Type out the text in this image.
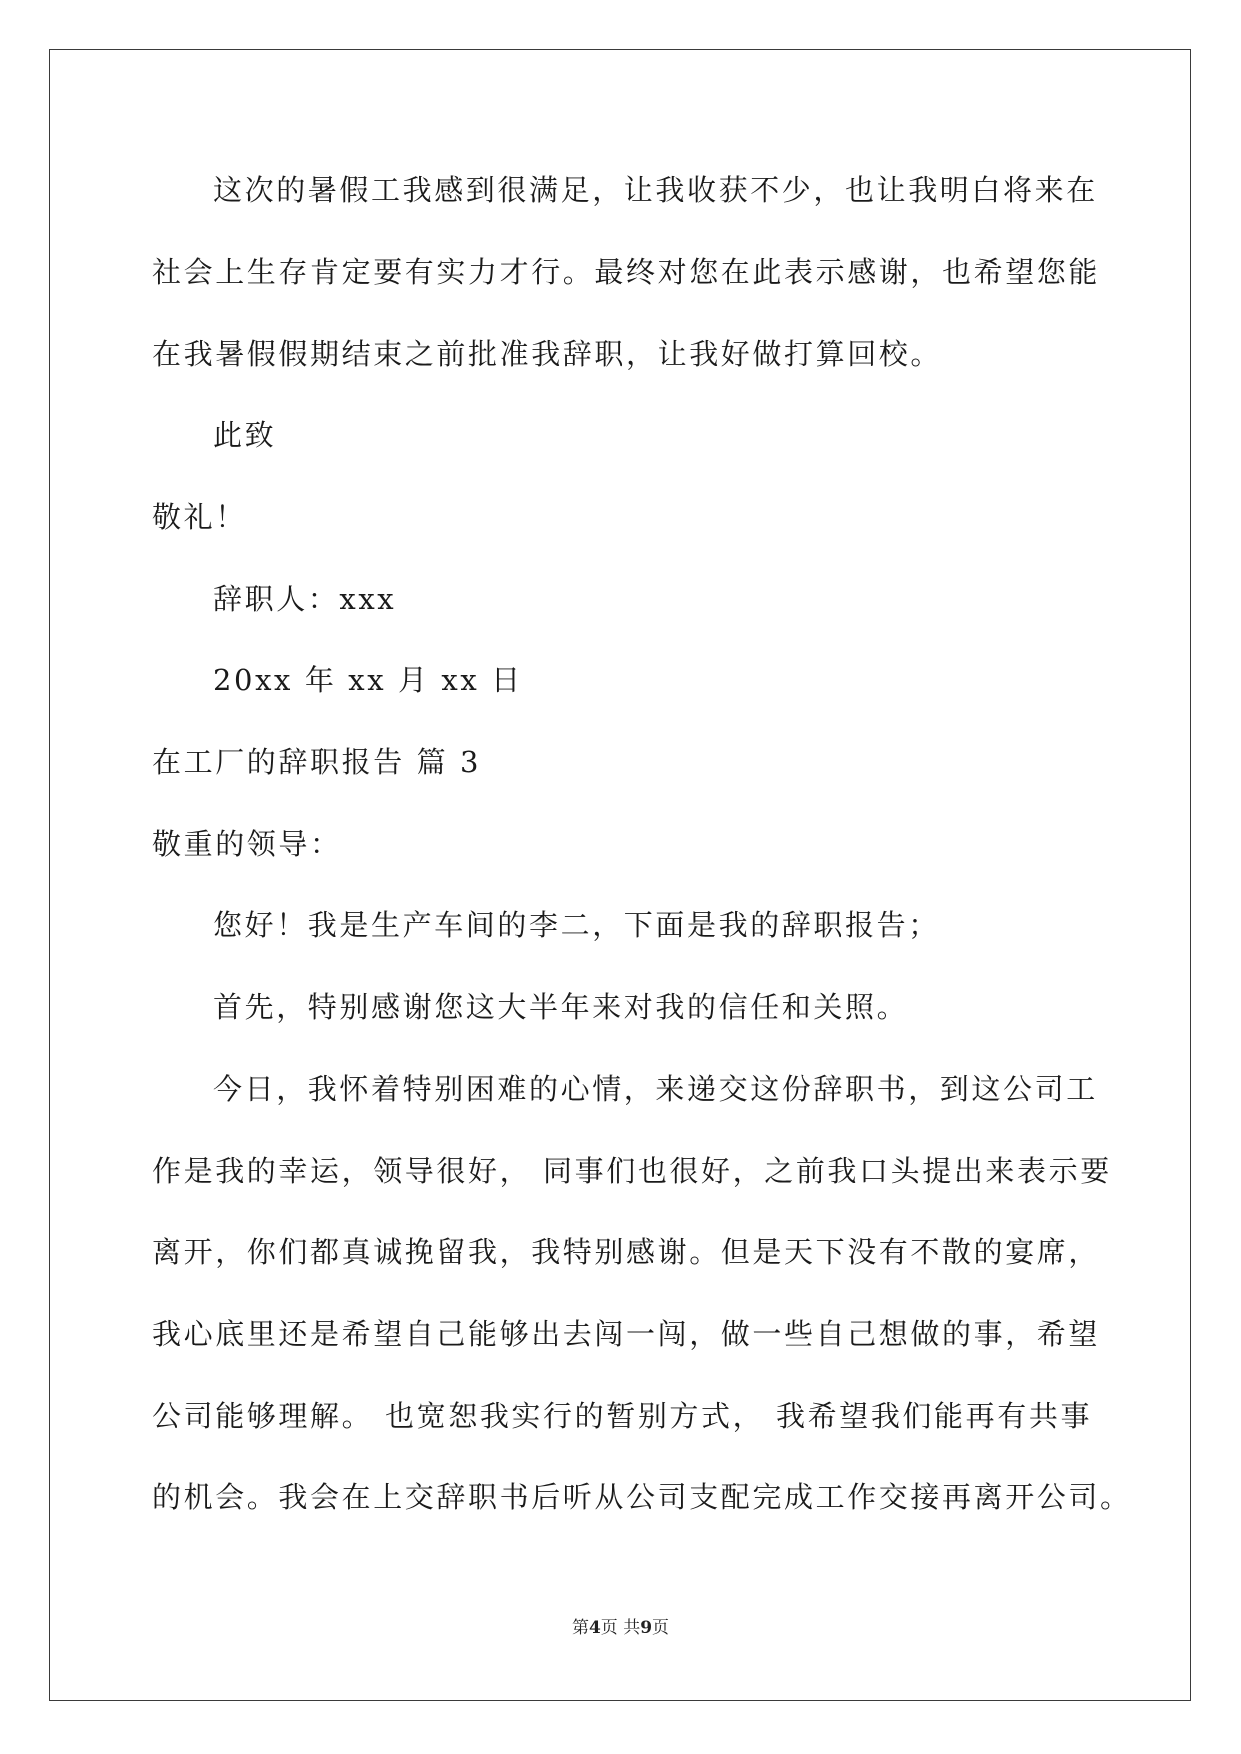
这次的暑假工我感到很满足，让我收获不少，也让我明白将来在
社会上生存肯定要有实力才行。最终对您在此表示感谢，也希望您能
在我暑假假期结束之前批准我辞职，让我好做打算回校。
此致
敬礼！
辞职人：xxx
20xx 年 xx 月 xx 日
在工厂的辞职报告 篇 3
敬重的领导：
您好！我是生产车间的李二，下面是我的辞职报告；
首先，特别感谢您这大半年来对我的信任和关照。
今日，我怀着特别困难的心情，来递交这份辞职书，到这公司工
作是我的幸运，领导很好， 同事们也很好，之前我口头提出来表示要
离开，你们都真诚挽留我，我特别感谢。但是天下没有不散的宴席，
我心底里还是希望自己能够出去闯一闯，做一些自己想做的事，希望
公司能够理解。 也宽恕我实行的暂别方式， 我希望我们能再有共事
的机会。我会在上交辞职书后听从公司支配完成工作交接再离开公司。
第4页 共9页
